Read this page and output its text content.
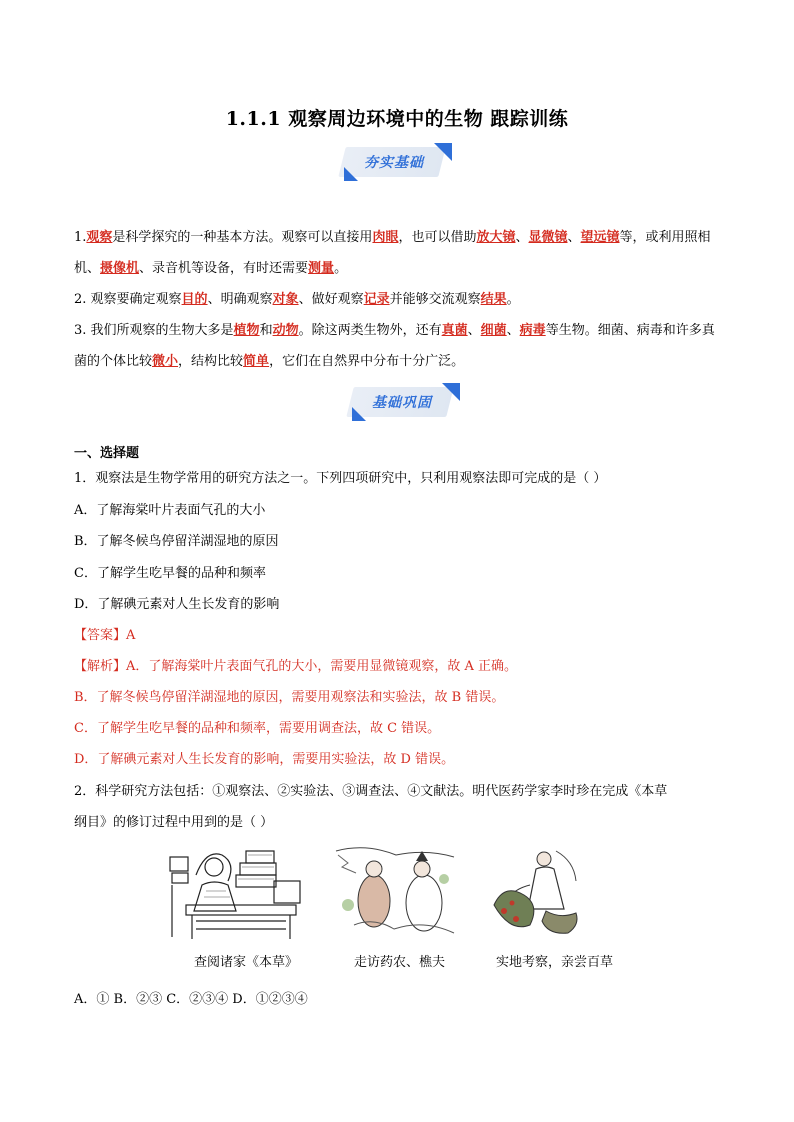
1.1.1 观察周边环境中的生物 跟踪训练
夯实基础
1.观察是科学探究的一种基本方法。观察可以直接用肉眼，也可以借助放大镜、显微镜、望远镜等，或利用照相机、摄像机、录音机等设备，有时还需要测量。
2. 观察要确定观察目的、明确观察对象、做好观察记录并能够交流观察结果。
3. 我们所观察的生物大多是植物和动物。除这两类生物外，还有真菌、细菌、病毒等生物。细菌、病毒和许多真菌的个体比较微小，结构比较简单，它们在自然界中分布十分广泛。
基础巩固
一、选择题
1．观察法是生物学常用的研究方法之一。下列四项研究中，只利用观察法即可完成的是（ ）
A．了解海棠叶片表面气孔的大小
B．了解冬候鸟停留洋湖湿地的原因
C．了解学生吃早餐的品种和频率
D．了解碘元素对人生长发育的影响
【答案】A
【解析】A．了解海棠叶片表面气孔的大小，需要用显微镜观察，故 A 正确。
B．了解冬候鸟停留洋湖湿地的原因，需要用观察法和实验法，故 B 错误。
C．了解学生吃早餐的品种和频率，需要用调查法，故 C 错误。
D．了解碘元素对人生长发育的影响，需要用实验法，故 D 错误。
2．科学研究方法包括：①观察法、②实验法、③调查法、④文献法。明代医药学家李时珍在完成《本草
纲目》的修订过程中用到的是（ ）
查阅诸家《本草》	走访药农、樵夫	实地考察，亲尝百草
A．① B．②③ C．②③④ D．①②③④
